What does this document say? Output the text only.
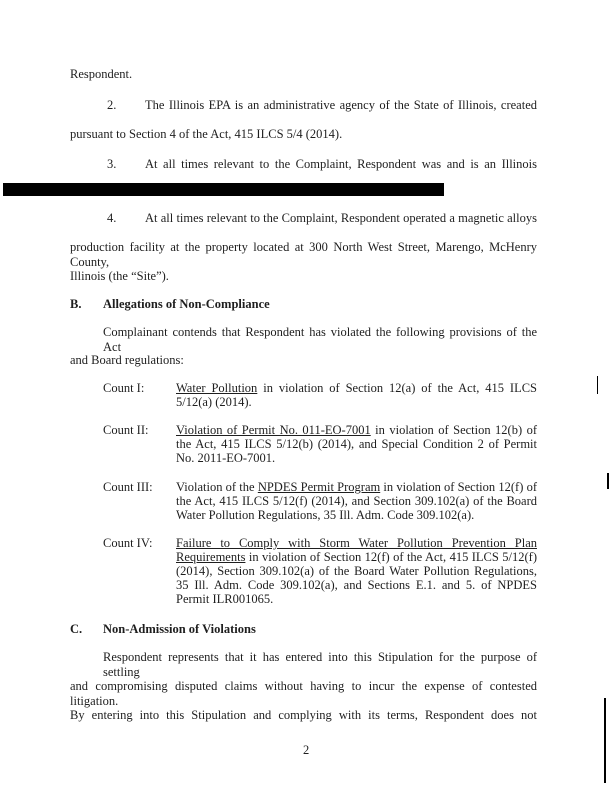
Respondent.
2. The Illinois EPA is an administrative agency of the State of Illinois, created
pursuant to Section 4 of the Act, 415 ILCS 5/4 (2014).
3. At all times relevant to the Complaint, Respondent was and is an Illinois
4. At all times relevant to the Complaint, Respondent operated a magnetic alloys
production facility at the property located at 300 North West Street, Marengo, McHenry County,
Illinois (the “Site”).
B. Allegations of Non-Compliance
Complainant contends that Respondent has violated the following provisions of the Act
and Board regulations:
Count I:	Water Pollution in violation of Section 12(a) of the Act, 415 ILCS 5/12(a) (2014).
Count II:	Violation of Permit No. 011-EO-7001 in violation of Section 12(b) of the Act, 415 ILCS 5/12(b) (2014), and Special Condition 2 of Permit No. 2011-EO-7001.
Count III:	Violation of the NPDES Permit Program in violation of Section 12(f) of the Act, 415 ILCS 5/12(f) (2014), and Section 309.102(a) of the Board Water Pollution Regulations, 35 Ill. Adm. Code 309.102(a).
Count IV:	Failure to Comply with Storm Water Pollution Prevention Plan Requirements in violation of Section 12(f) of the Act, 415 ILCS 5/12(f) (2014), Section 309.102(a) of the Board Water Pollution Regulations, 35 Ill. Adm. Code 309.102(a), and Sections E.1. and 5. of NPDES Permit ILR001065.
C. Non-Admission of Violations
Respondent represents that it has entered into this Stipulation for the purpose of settling
and compromising disputed claims without having to incur the expense of contested litigation.
By entering into this Stipulation and complying with its terms, Respondent does not
2
